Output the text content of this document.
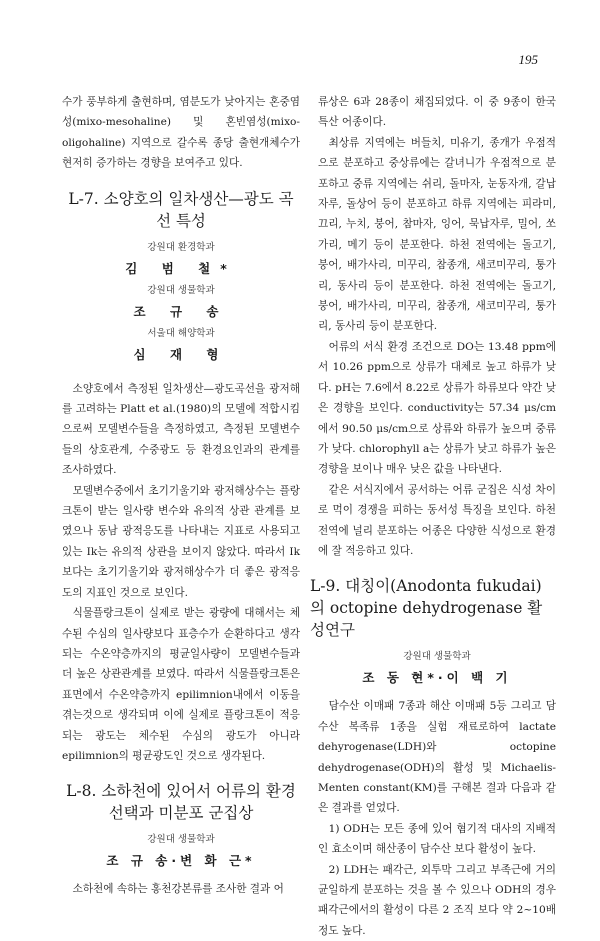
195

수가 풍부하게 출현하며, 염분도가 낮아지는 혼중염성(mixo-mesohaline) 및 혼빈염성(mixo-oligohaline) 지역으로 갈수록 종당 출현개체수가 현저히 증가하는 경향을 보여주고 있다.

L-7. 소양호의 일차생산—광도 곡선 특성
강원대 환경학과
김 범 철*
강원대 생물학과
조 규 송
서울대 해양학과
심 재 형

소양호에서 측정된 일차생산—광도곡선을 광저해를 고려하는 Platt et al.(1980)의 모델에 적합시킴으로써 모델변수들을 측정하였고, 측정된 모델변수들의 상호관계, 수중광도 등 환경요인과의 관계를 조사하였다.

모델변수중에서 초기기울기와 광저해상수는 플랑크톤이 받는 일사량 변수와 유의적 상관 관계를 보였으나 동남 광적응도를 나타내는 지표로 사용되고 있는 Ik는 유의적 상관을 보이지 않았다. 따라서 Ik 보다는 초기기울기와 광저해상수가 더 좋은 광적응도의 지표인 것으로 보인다.

식물플랑크톤이 실제로 받는 광량에 대해서는 체수된 수심의 일사량보다 표층수가 순환하다고 생각되는 수온약층까지의 평균일사량이 모델변수들과 더 높은 상관관계를 보였다. 따라서 식물플랑크톤은 표면에서 수온약층까지 epilimnion내에서 이동을 겪는것으로 생각되며 이에 실제로 플랑크톤이 적응되는 광도는 체수된 수심의 광도가 아니라 epilimnion의 평균광도인 것으로 생각된다.

L-8. 소하천에 있어서 어류의 환경 선택과 미분포 군집상
강원대 생물학과
조 규 송·변 화 근*

소하천에 속하는 홍천강본류를 조사한 결과 어

류상은 6과 28종이 채집되었다. 이 중 9종이 한국특산 어종이다.

최상류 지역에는 버들치, 미유기, 종개가 우점적으로 분포하고 중상류에는 갈녀니가 우점적으로 분포하고 중류 지역에는 쉬리, 돌마자, 눈동자개, 갈납자루, 돌상어 등이 분포하고 하류 지역에는 피라미, 끄리, 누치, 붕어, 참마자, 잉어, 묵납자루, 밀어, 쏘가리, 메기 등이 분포한다. 하천 전역에는 돌고기, 붕어, 배가사리, 미꾸리, 참종개, 새코미꾸리, 퉁가리, 동사리 등이 분포한다. 하천 전역에는 돌고기, 붕어, 배가사리, 미꾸리, 참종개, 새코미꾸리, 퉁가리, 동사리 등이 분포한다.

어류의 서식 환경 조건으로 DO는 13.48 ppm에서 10.26 ppm으로 상류가 대체로 높고 하류가 낮다. pH는 7.6에서 8.22로 상류가 하류보다 약간 낮은 경향을 보인다. conductivity는 57.34 μs/cm에서 90.50 μs/cm으로 상류와 하류가 높으며 중류가 낮다. chlorophyll a는 상류가 낮고 하류가 높은 경향을 보이나 매우 낮은 값을 나타낸다.

같은 서식지에서 공서하는 어류 군집은 식성 차이로 먹이 경쟁을 피하는 동서성 특징을 보인다. 하천 전역에 널리 분포하는 어종은 다양한 식성으로 환경에 잘 적응하고 있다.

L-9. 대칭이(Anodonta fukudai)의 octopine dehydrogenase 활성연구
강원대 생물학과
조 동 현*·이 백 기

담수산 이매패 7종과 해산 이매패 5등 그리고 담수산 복족류 1종을 실험 재료로하여 lactate dehyrogenase(LDH)와 octopine dehydrogenase(ODH)의 활성 및 Michaelis-Menten constant(KM)를 구해본 결과 다음과 같은 결과를 얻었다.

1) ODH는 모든 종에 있어 혐기적 대사의 지배적인 효소이며 해산종이 담수산 보다 활성이 높다.

2) LDH는 패각근, 외투막 그리고 부족근에 거의 균일하게 분포하는 것을 볼 수 있으나 ODH의 경우 패각근에서의 활성이 다른 2 조직 보다 약 2~10배 정도 높다.
